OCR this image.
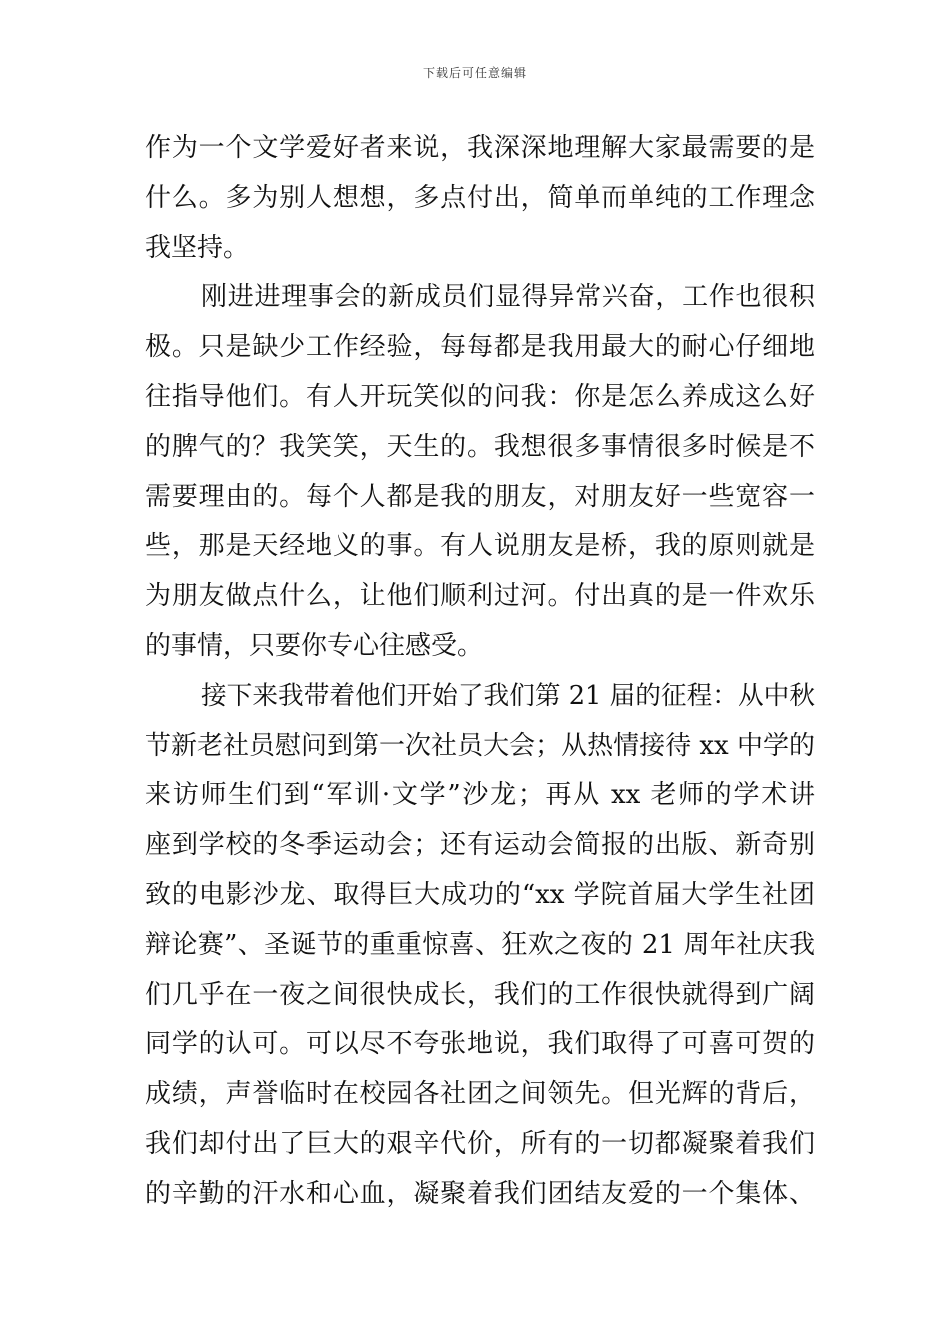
下载后可任意编辑
作为一个文学爱好者来说，我深深地理解大家最需要的是
什么。多为别人想想，多点付出，简单而单纯的工作理念
我坚持。
刚进进理事会的新成员们显得异常兴奋，工作也很积
极。只是缺少工作经验，每每都是我用最大的耐心仔细地
往指导他们。有人开玩笑似的问我：你是怎么养成这么好
的脾气的？我笑笑，天生的。我想很多事情很多时候是不
需要理由的。每个人都是我的朋友，对朋友好一些宽容一
些，那是天经地义的事。有人说朋友是桥，我的原则就是
为朋友做点什么，让他们顺利过河。付出真的是一件欢乐
的事情，只要你专心往感受。
接下来我带着他们开始了我们第 21 届的征程：从中秋
节新老社员慰问到第一次社员大会；从热情接待 xx 中学的
来访师生们到“军训·文学”沙龙；再从 xx 老师的学术讲
座到学校的冬季运动会；还有运动会简报的出版、新奇别
致的电影沙龙、取得巨大成功的“xx 学院首届大学生社团
辩论赛”、圣诞节的重重惊喜、狂欢之夜的 21 周年社庆我
们几乎在一夜之间很快成长，我们的工作很快就得到广阔
同学的认可。可以尽不夸张地说，我们取得了可喜可贺的
成绩，声誉临时在校园各社团之间领先。但光辉的背后，
我们却付出了巨大的艰辛代价，所有的一切都凝聚着我们
的辛勤的汗水和心血，凝聚着我们团结友爱的一个集体、
